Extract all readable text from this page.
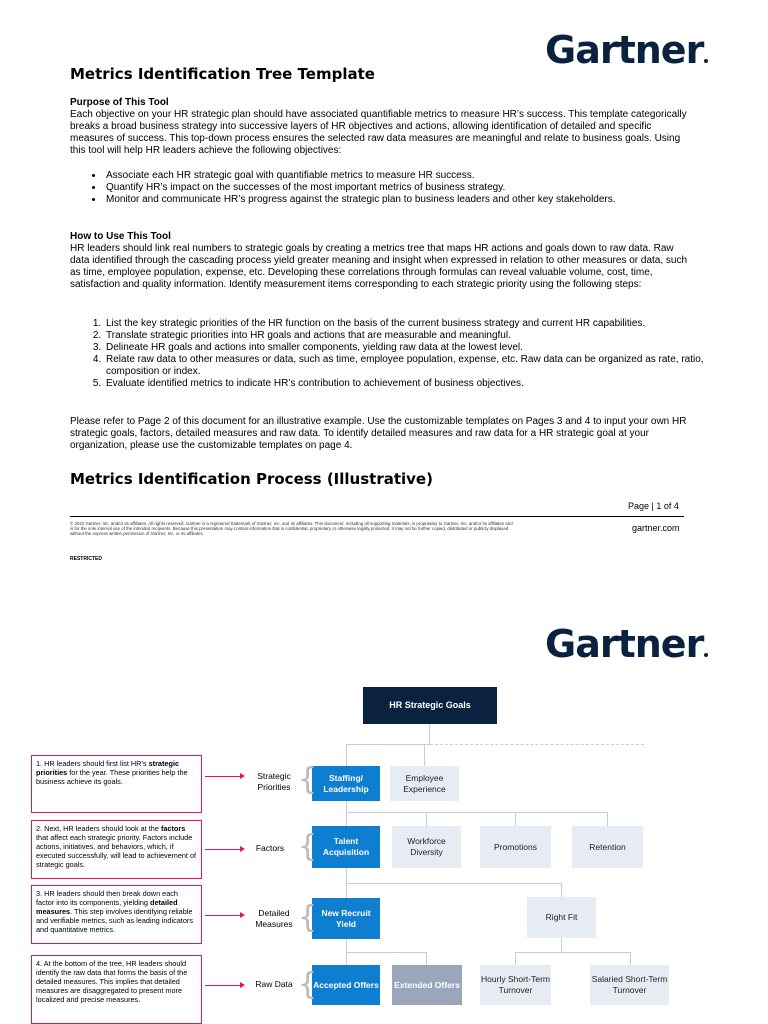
Gartner
Metrics Identification Tree Template
Purpose of This Tool
Each objective on your HR strategic plan should have associated quantifiable metrics to measure HR’s success. This template categorically breaks a broad business strategy into successive layers of HR objectives and actions, allowing identification of detailed and specific measures of success. This top-down process ensures the selected raw data measures are meaningful and relate to business goals. Using this tool will help HR leaders achieve the following objectives:
• Associate each HR strategic goal with quantifiable metrics to measure HR success.
• Quantify HR’s impact on the successes of the most important metrics of business strategy.
• Monitor and communicate HR’s progress against the strategic plan to business leaders and other key stakeholders.
How to Use This Tool
HR leaders should link real numbers to strategic goals by creating a metrics tree that maps HR actions and goals down to raw data. Raw data identified through the cascading process yield greater meaning and insight when expressed in relation to other measures or data, such as time, employee population, expense, etc. Developing these correlations through formulas can reveal valuable volume, cost, time, satisfaction and quality information. Identify measurement items corresponding to each strategic priority using the following steps:
1. List the key strategic priorities of the HR function on the basis of the current business strategy and current HR capabilities.
2. Translate strategic priorities into HR goals and actions that are measurable and meaningful.
3. Delineate HR goals and actions into smaller components, yielding raw data at the lowest level.
4. Relate raw data to other measures or data, such as time, employee population, expense, etc. Raw data can be organized as rate, ratio, composition or index.
5. Evaluate identified metrics to indicate HR’s contribution to achievement of business objectives.
Please refer to Page 2 of this document for an illustrative example. Use the customizable templates on Pages 3 and 4 to input your own HR strategic goals, factors, detailed measures and raw data. To identify detailed measures and raw data for a HR strategic goal at your organization, please use the customizable templates on page 4.
Metrics Identification Process (Illustrative)
Page | 1 of 4
© 2022 Gartner, Inc. and/or its affiliates. All rights reserved. Gartner is a registered trademark of Gartner, Inc. and its affiliates. This document, including all supporting materials, is proprietary to Gartner, Inc. and/or its affiliates and is for the sole internal use of the intended recipients. Because this presentation may contain information that is confidential, proprietary or otherwise legally protected, it may not be further copied, distributed or publicly displayed without the express written permission of Gartner, Inc. or its affiliates.
gartner.com
RESTRICTED
Gartner
HR Strategic Goals
Staffing/ Leadership
Employee Experience
Talent Acquisition
Workforce Diversity
Promotions	Retention
New Recruit Yield
Right Fit
Accepted Offers Extended Offers
Hourly Short-Term Turnover
Salaried Short-Term Turnover
Strategic Priorities {
Factors {
Detailed Measures {
Raw Data {
1. HR leaders should first list HR’s strategic priorities for the year. These priorities help the business achieve its goals.
2. Next, HR leaders should look at the factors that affect each strategic priority. Factors include actions, initiatives, and behaviors, which, if executed successfully, will lead to achievement of strategic goals.
3. HR leaders should then break down each factor into its components, yielding detailed measures. This step involves identifying reliable and verifiable metrics, such as leading indicators and quantitative metrics.
4. At the bottom of the tree, HR leaders should identify the raw data that forms the basis of the detailed measures. This implies that detailed measures are disaggregated to present more localized and precise measures.
